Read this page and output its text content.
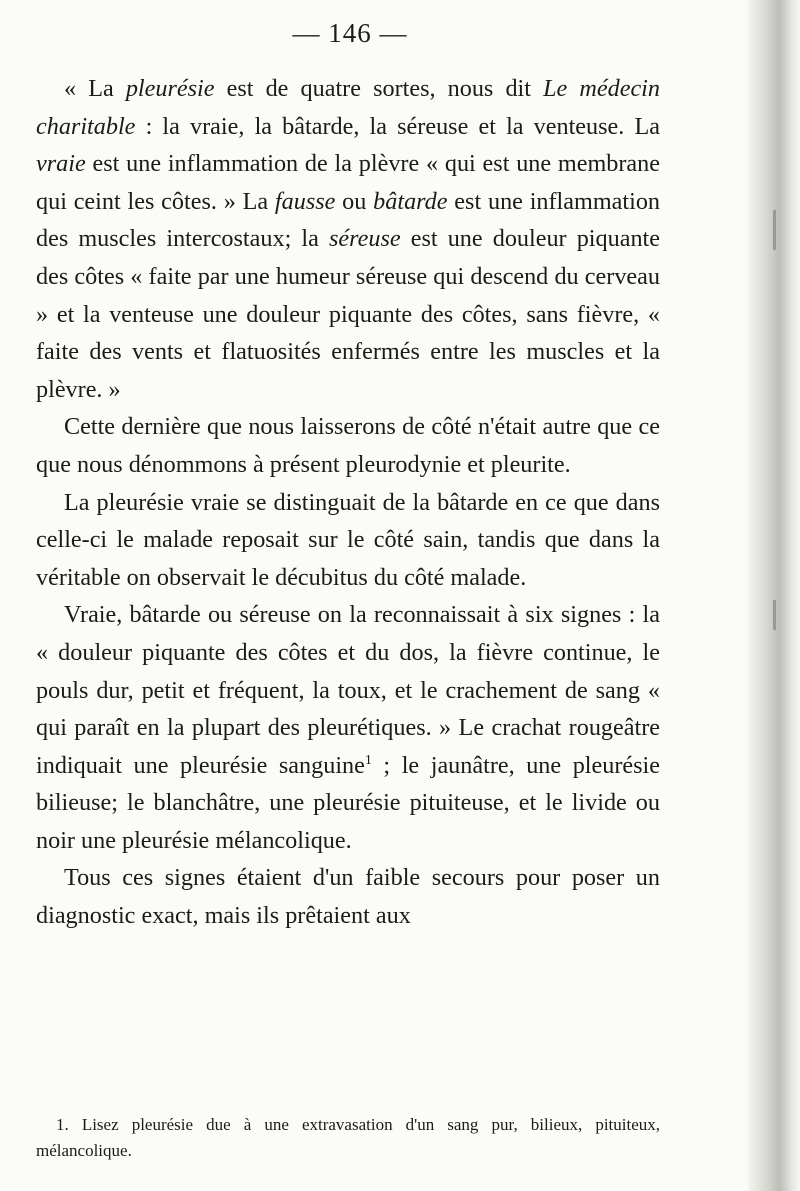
— 146 —

« La pleurésie est de quatre sortes, nous dit Le médecin charitable : la vraie, la bâtarde, la séreuse et la venteuse. La vraie est une inflammation de la plèvre « qui est une membrane qui ceint les côtes. » La fausse ou bâtarde est une inflammation des muscles intercostaux; la séreuse est une douleur piquante des côtes « faite par une humeur séreuse qui descend du cerveau » et la venteuse une douleur piquante des côtes, sans fièvre, « faite des vents et flatuosités enfermés entre les muscles et la plèvre. »

Cette dernière que nous laisserons de côté n'était autre que ce que nous dénommons à présent pleurodynie et pleurite.

La pleurésie vraie se distinguait de la bâtarde en ce que dans celle-ci le malade reposait sur le côté sain, tandis que dans la véritable on observait le décubitus du côté malade.

Vraie, bâtarde ou séreuse on la reconnaissait à six signes : la « douleur piquante des côtes et du dos, la fièvre continue, le pouls dur, petit et fréquent, la toux, et le crachement de sang « qui paraît en la plupart des pleurétiques. » Le crachat rougeâtre indiquait une pleurésie sanguine$^1$ ; le jaunâtre, une pleurésie bilieuse; le blanchâtre, une pleurésie pituiteuse, et le livide ou noir une pleurésie mélancolique.

Tous ces signes étaient d'un faible secours pour poser un diagnostic exact, mais ils prêtaient aux

1. Lisez pleurésie due à une extravasation d'un sang pur, bilieux, pituiteux, mélancolique.
